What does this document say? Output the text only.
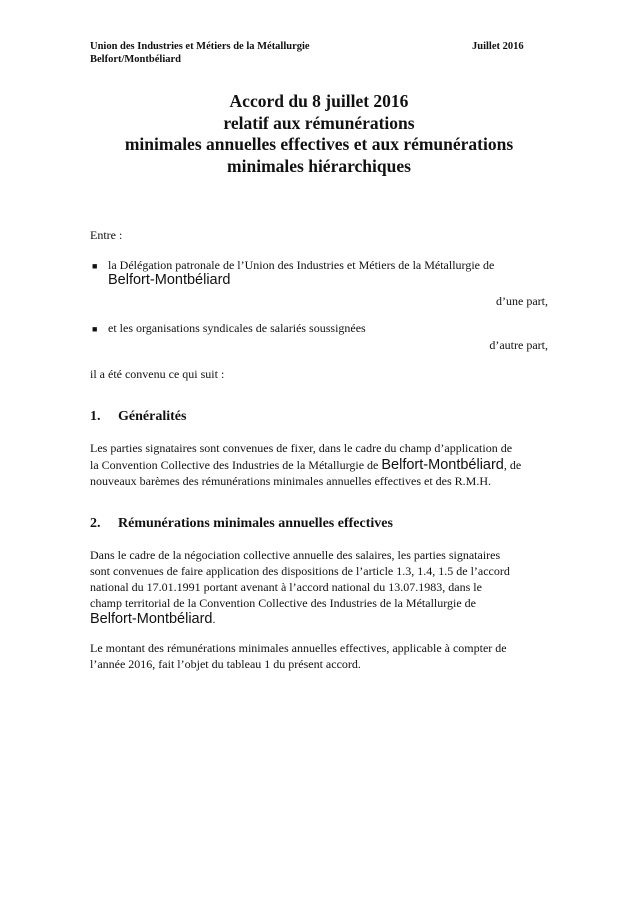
Union des Industries et Métiers de la Métallurgie
Belfort/Montbéliard
Juillet 2016
Accord du 8 juillet 2016
relatif aux rémunérations
minimales annuelles effectives et aux rémunérations
minimales hiérarchiques
Entre :
■ la Délégation patronale de l’Union des Industries et Métiers de la Métallurgie de
Belfort-Montbéliard
d’une part,
■ et les organisations syndicales de salariés soussignées
d’autre part,
il a été convenu ce qui suit :
1. Généralités
Les parties signataires sont convenues de fixer, dans le cadre du champ d’application de
la Convention Collective des Industries de la Métallurgie de Belfort-Montbéliard, de
nouveaux barèmes des rémunérations minimales annuelles effectives et des R.M.H.
2. Rémunérations minimales annuelles effectives
Dans le cadre de la négociation collective annuelle des salaires, les parties signataires
sont convenues de faire application des dispositions de l’article 1.3, 1.4, 1.5 de l’accord
national du 17.01.1991 portant avenant à l’accord national du 13.07.1983, dans le
champ territorial de la Convention Collective des Industries de la Métallurgie de
Belfort-Montbéliard.
Le montant des rémunérations minimales annuelles effectives, applicable à compter de
l’année 2016, fait l’objet du tableau 1 du présent accord.
